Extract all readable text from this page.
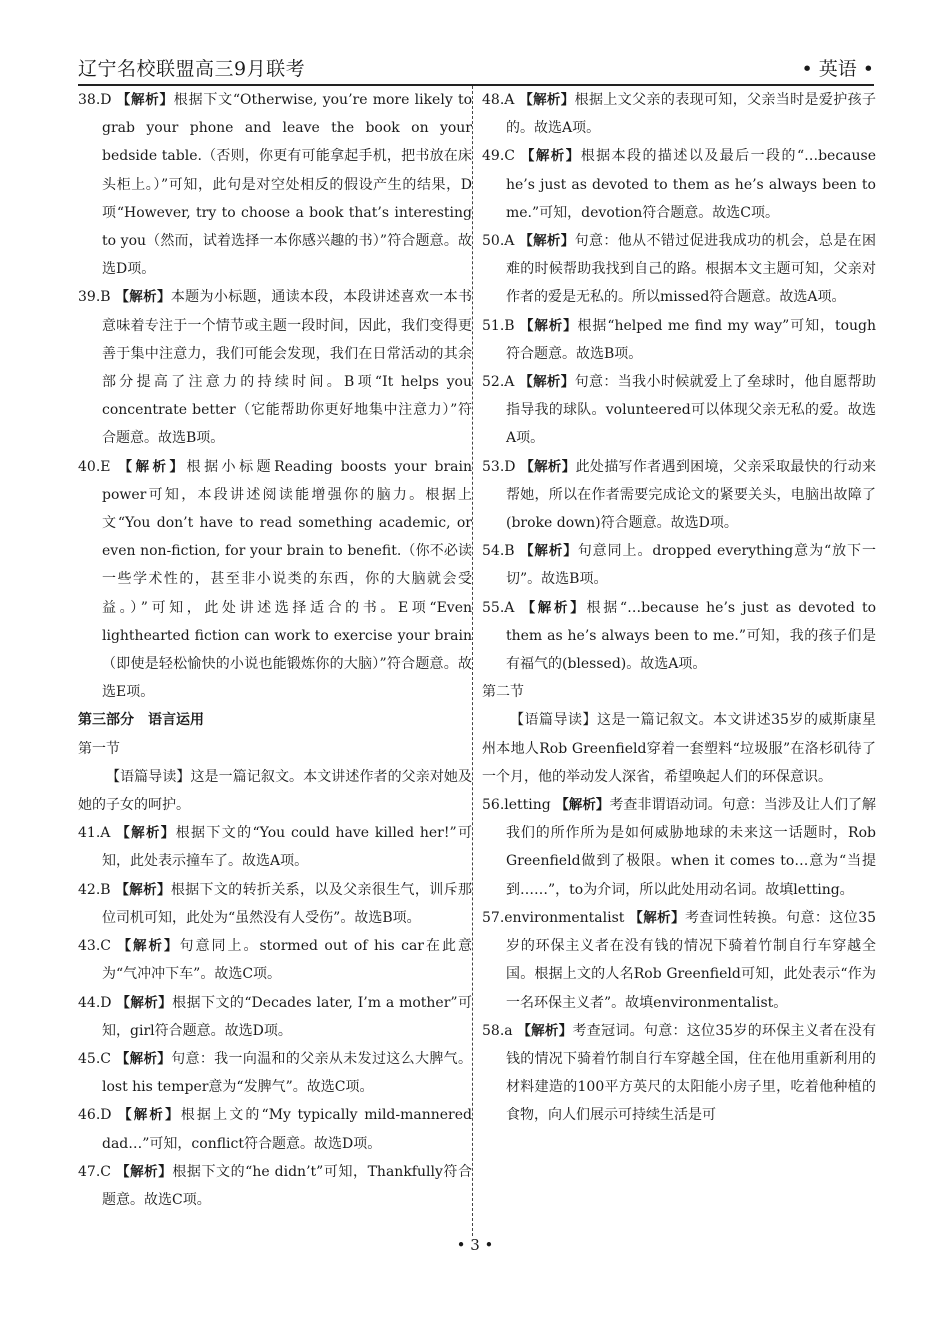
辽宁名校联盟高三9月联考	• 英语 •

38.D 【解析】根据下文“Otherwise, you’re more likely to grab your phone and leave the book on your bedside table.（否则，你更有可能拿起手机，把书放在床头柜上。）”可知，此句是对空处相反的假设产生的结果，D项“However, try to choose a book that’s interesting to you（然而，试着选择一本你感兴趣的书）”符合题意。故选D项。

39.B 【解析】本题为小标题，通读本段，本段讲述喜欢一本书意味着专注于一个情节或主题一段时间，因此，我们变得更善于集中注意力，我们可能会发现，我们在日常活动的其余部分提高了注意力的持续时间。B项“It helps you concentrate better（它能帮助你更好地集中注意力）”符合题意。故选B项。

40.E 【解析】根据小标题Reading boosts your brain power可知，本段讲述阅读能增强你的脑力。根据上文“You don’t have to read something academic, or even non-fiction, for your brain to benefit.（你不必读一些学术性的，甚至非小说类的东西，你的大脑就会受益。）”可知，此处讲述选择适合的书。E项“Even lighthearted fiction can work to exercise your brain（即使是轻松愉快的小说也能锻炼你的大脑）”符合题意。故选E项。

第三部分　语言运用

第一节

【语篇导读】这是一篇记叙文。本文讲述作者的父亲对她及她的子女的呵护。

41.A 【解析】根据下文的“You could have killed her!”可知，此处表示撞车了。故选A项。

42.B 【解析】根据下文的转折关系，以及父亲很生气，训斥那位司机可知，此处为“虽然没有人受伤”。故选B项。

43.C 【解析】句意同上。stormed out of his car在此意为“气冲冲下车”。故选C项。

44.D 【解析】根据下文的“Decades later, I’m a mother”可知，girl符合题意。故选D项。

45.C 【解析】句意：我一向温和的父亲从未发过这么大脾气。lost his temper意为“发脾气”。故选C项。

46.D 【解析】根据上文的“My typically mild-mannered dad…”可知，conflict符合题意。故选D项。

47.C 【解析】根据下文的“he didn’t”可知，Thankfully符合题意。故选C项。

48.A 【解析】根据上文父亲的表现可知，父亲当时是爱护孩子的。故选A项。

49.C 【解析】根据本段的描述以及最后一段的“…because he’s just as devoted to them as he’s always been to me.”可知，devotion符合题意。故选C项。

50.A 【解析】句意：他从不错过促进我成功的机会，总是在困难的时候帮助我找到自己的路。根据本文主题可知，父亲对作者的爱是无私的。所以missed符合题意。故选A项。

51.B 【解析】根据“helped me find my way”可知，tough符合题意。故选B项。

52.A 【解析】句意：当我小时候就爱上了垒球时，他自愿帮助指导我的球队。volunteered可以体现父亲无私的爱。故选A项。

53.D 【解析】此处描写作者遇到困境，父亲采取最快的行动来帮她，所以在作者需要完成论文的紧要关头，电脑出故障了(broke down)符合题意。故选D项。

54.B 【解析】句意同上。dropped everything意为“放下一切”。故选B项。

55.A 【解析】根据“…because he’s just as devoted to them as he’s always been to me.”可知，我的孩子们是有福气的(blessed)。故选A项。

第二节

【语篇导读】这是一篇记叙文。本文讲述35岁的威斯康星州本地人Rob Greenfield穿着一套塑料“垃圾服”在洛杉矶待了一个月，他的举动发人深省，希望唤起人们的环保意识。

56.letting 【解析】考查非谓语动词。句意：当涉及让人们了解我们的所作所为是如何威胁地球的未来这一话题时，Rob Greenfield做到了极限。when it comes to…意为“当提到……”，to为介词，所以此处用动名词。故填letting。

57.environmentalist 【解析】考查词性转换。句意：这位35岁的环保主义者在没有钱的情况下骑着竹制自行车穿越全国。根据上文的人名Rob Greenfield可知，此处表示“作为一名环保主义者”。故填environmentalist。

58.a 【解析】考查冠词。句意：这位35岁的环保主义者在没有钱的情况下骑着竹制自行车穿越全国，住在他用重新利用的材料建造的100平方英尺的太阳能小房子里，吃着他种植的食物，向人们展示可持续生活是可

• 3 •
